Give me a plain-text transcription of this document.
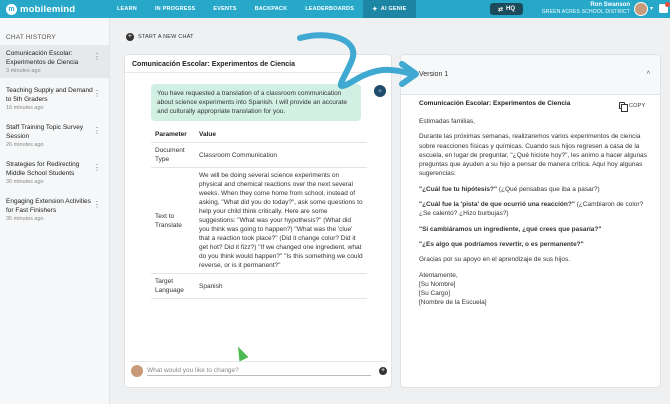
m mobilemind	LEARN	IN PROGRESS	EVENTS	BACKPACK	LEADERBOARDS	✦ AI GENIE	⇄ HQ
Ron Swanson
GREEN ACRES SCHOOL DISTRICT	▾
CHAT HISTORY
Comunicación Escolar: Experimentos de Ciencia
3 minutes ago
⋮
Teaching Supply and Demand to 5th Graders
16 minutes ago
⋮
Staff Training Topic Survey Session
26 minutes ago
⋮
Strategies for Redirecting Middle School Students
30 minutes ago
⋮
Engaging Extension Activities for Fast Finishers
35 minutes ago
⋮
+	START A NEW CHAT
Comunicación Escolar: Experimentos de Ciencia
You have requested a translation of a classroom communication about science experiments into Spanish. I will provide an accurate and culturally appropriate translation for you.
✧
Parameter	Value
Document Type	Classroom Communication
Text to Translate	We will be doing several science experiments on physical and chemical reactions over the next several weeks. When they come home from school, instead of asking, "What did you do today?", ask some questions to help your child think critically. Here are some suggestions: "What was your hypothesis?" (What did you think was going to happen?) "What was the 'clue' that a reaction took place?" (Did it change color? Did it get hot? Did it fizz?) "If we changed one ingredient, what do you think would happen?" "Is this something we could reverse, or is it permanent?"
Target Language	Spanish
What would you like to change?
+
Version 1	^
Comunicación Escolar: Experimentos de Ciencia	COPY

Estimadas familias,

Durante las próximas semanas, realizaremos varios experimentos de ciencia sobre reacciones físicas y químicas. Cuando sus hijos regresen a casa de la escuela, en lugar de preguntar, "¿Qué hiciste hoy?", les animo a hacer algunas preguntas que ayuden a su hijo a pensar de manera crítica. Aquí hoy algunas sugerencias:

"¿Cuál fue tu hipótesis?" (¿Qué pensabas que iba a pasar?)

"¿Cuál fue la 'pista' de que ocurrió una reacción?" (¿Cambiaron de color? ¿Se calentó? ¿Hizo burbujas?)

"Si cambiáramos un ingrediente, ¿qué crees que pasaría?"

"¿Es algo que podríamos revertir, o es permanente?"

Gracias por su apoyo en el aprendizaje de sus hijos.

Atentamente,
[Su Nombre]
[Su Cargo]
[Nombre de la Escuela]
